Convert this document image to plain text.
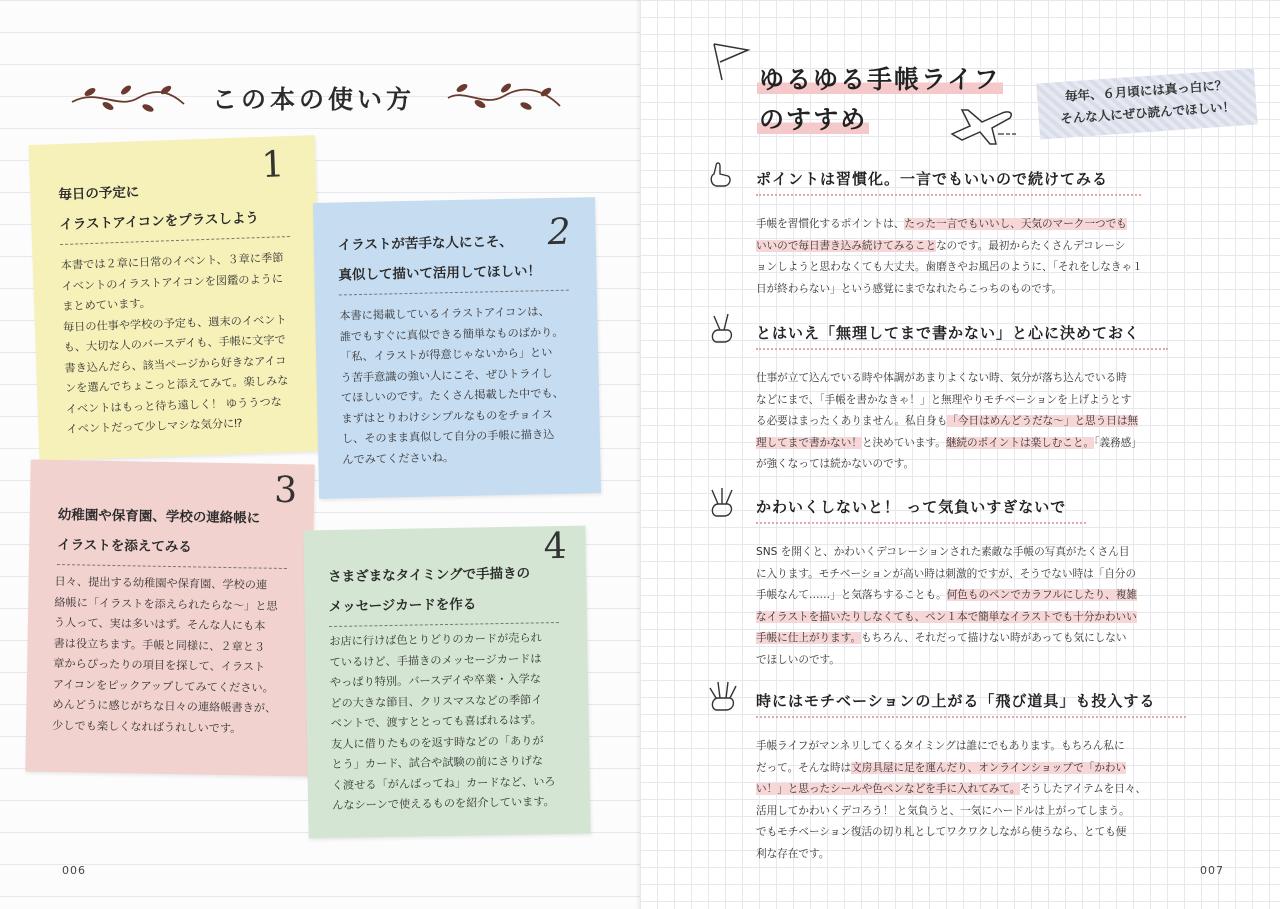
この本の使い方
1
毎日の予定に
イラストアイコンをプラスしよう
本書では２章に日常のイベント、３章に季節
イベントのイラストアイコンを図鑑のように
まとめています。
毎日の仕事や学校の予定も、週末のイベント
も、大切な人のバースデイも、手帳に文字で
書き込んだら、該当ページから好きなアイコ
ンを選んでちょこっと添えてみて。楽しみな
イベントはもっと待ち遠しく！ ゆううつな
イベントだって少しマシな気分に⁉
2
イラストが苦手な人にこそ、
真似して描いて活用してほしい！
本書に掲載しているイラストアイコンは、
誰でもすぐに真似できる簡単なものばかり。
「私、イラストが得意じゃないから」とい
う苦手意識の強い人にこそ、ぜひトライし
てほしいのです。たくさん掲載した中でも、
まずはとりわけシンプルなものをチョイス
し、そのまま真似して自分の手帳に描き込
んでみてくださいね。
3
幼稚園や保育園、学校の連絡帳に
イラストを添えてみる
日々、提出する幼稚園や保育園、学校の連
絡帳に「イラストを添えられたらな〜」と思
う人って、実は多いはず。そんな人にも本
書は役立ちます。手帳と同様に、２章と３
章からぴったりの項目を探して、イラスト
アイコンをピックアップしてみてください。
めんどうに感じがちな日々の連絡帳書きが、
少しでも楽しくなればうれしいです。
4
さまざまなタイミングで手描きの
メッセージカードを作る
お店に行けば色とりどりのカードが売られ
ているけど、手描きのメッセージカードは
やっぱり特別。バースデイや卒業・入学な
どの大きな節目、クリスマスなどの季節イ
ベントで、渡すととっても喜ばれるはず。
友人に借りたものを返す時などの「ありが
とう」カード、試合や試験の前にさりげな
く渡せる「がんばってね」カードなど、いろ
んなシーンで使えるものを紹介しています。
006
ゆるゆる手帳ライフ
のすすめ
毎年、６月頃には真っ白に？
そんな人にぜひ読んでほしい！
ポイントは習慣化。一言でもいいので続けてみる
手帳を習慣化するポイントは、たった一言でもいいし、天気のマーク一つでも
いいので毎日書き込み続けてみることなのです。最初からたくさんデコレーシ
ョンしようと思わなくても大丈夫。歯磨きやお風呂のように、「それをしなきゃ１
日が終わらない」という感覚にまでなれたらこっちのものです。
とはいえ「無理してまで書かない」と心に決めておく
仕事が立て込んでいる時や体調があまりよくない時、気分が落ち込んでいる時
などにまで、「手帳を書かなきゃ！」と無理やりモチベーションを上げようとす
る必要はまったくありません。私自身も「今日はめんどうだな〜」と思う日は無
理してまで書かない！と決めています。継続のポイントは楽しむこと。「義務感」
が強くなっては続かないのです。
かわいくしないと！ って気負いすぎないで
SNS を開くと、かわいくデコレーションされた素敵な手帳の写真がたくさん目
に入ります。モチベーションが高い時は刺激的ですが、そうでない時は「自分の
手帳なんて……」と気落ちすることも。何色ものペンでカラフルにしたり、複雑
なイラストを描いたりしなくても、ペン１本で簡単なイラストでも十分かわいい
手帳に仕上がります。もちろん、それだって描けない時があっても気にしない
でほしいのです。
時にはモチベーションの上がる「飛び道具」も投入する
手帳ライフがマンネリしてくるタイミングは誰にでもあります。もちろん私に
だって。そんな時は文房具屋に足を運んだり、オンラインショップで「かわい
い！」と思ったシールや色ペンなどを手に入れてみて。そうしたアイテムを日々、
活用してかわいくデコろう！ と気負うと、一気にハードルは上がってしまう。
でもモチベーション復活の切り札としてワクワクしながら使うなら、とても便
利な存在です。
007
